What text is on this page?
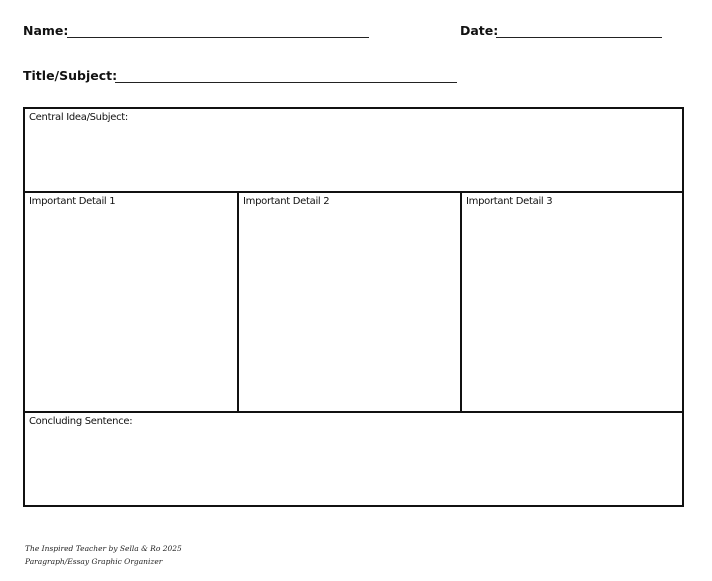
Name:	Date:
Title/Subject:
Central Idea/Subject:
Important Detail 1	Important Detail 2	Important Detail 3
Concluding Sentence:
The Inspired Teacher by Sella & Ro 2025
Paragraph/Essay Graphic Organizer
